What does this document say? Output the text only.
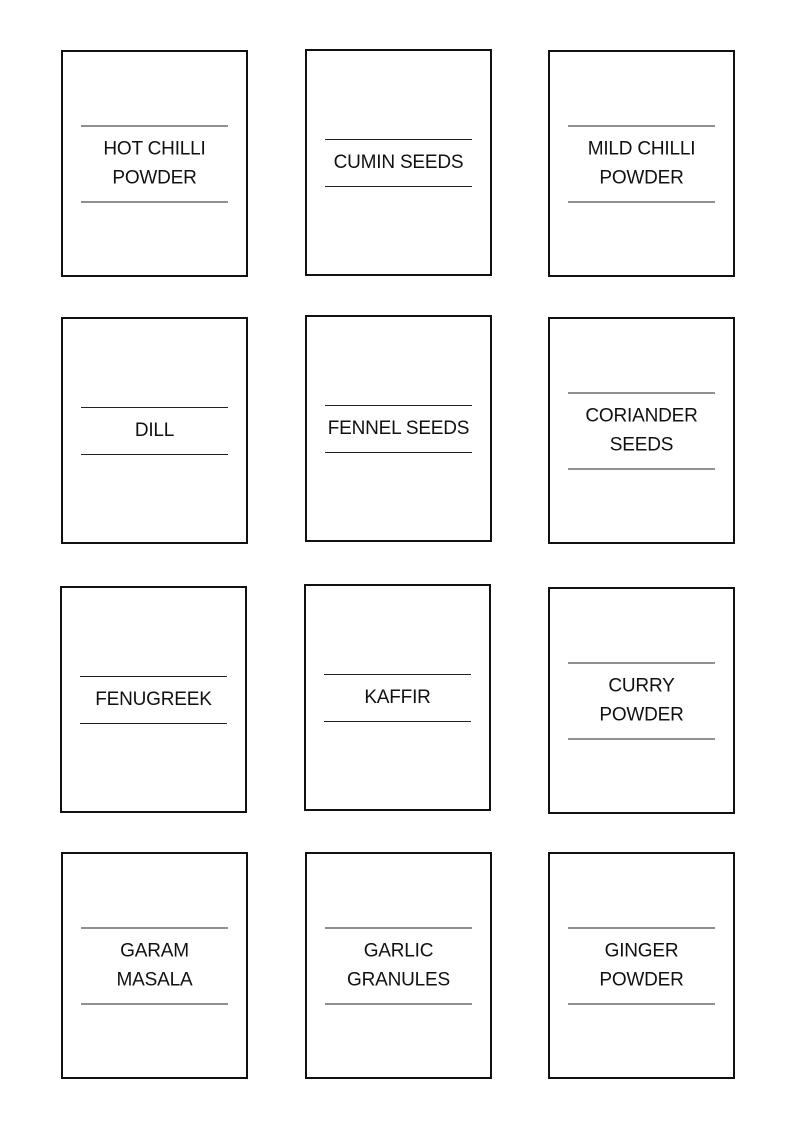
HOT CHILLI
POWDER
CUMIN SEEDS
MILD CHILLI
POWDER
DILL	FENNEL SEEDS
CORIANDER
SEEDS
FENUGREEK	KAFFIR
CURRY
POWDER
GARAM
MASALA
GARLIC
GRANULES
GINGER
POWDER
